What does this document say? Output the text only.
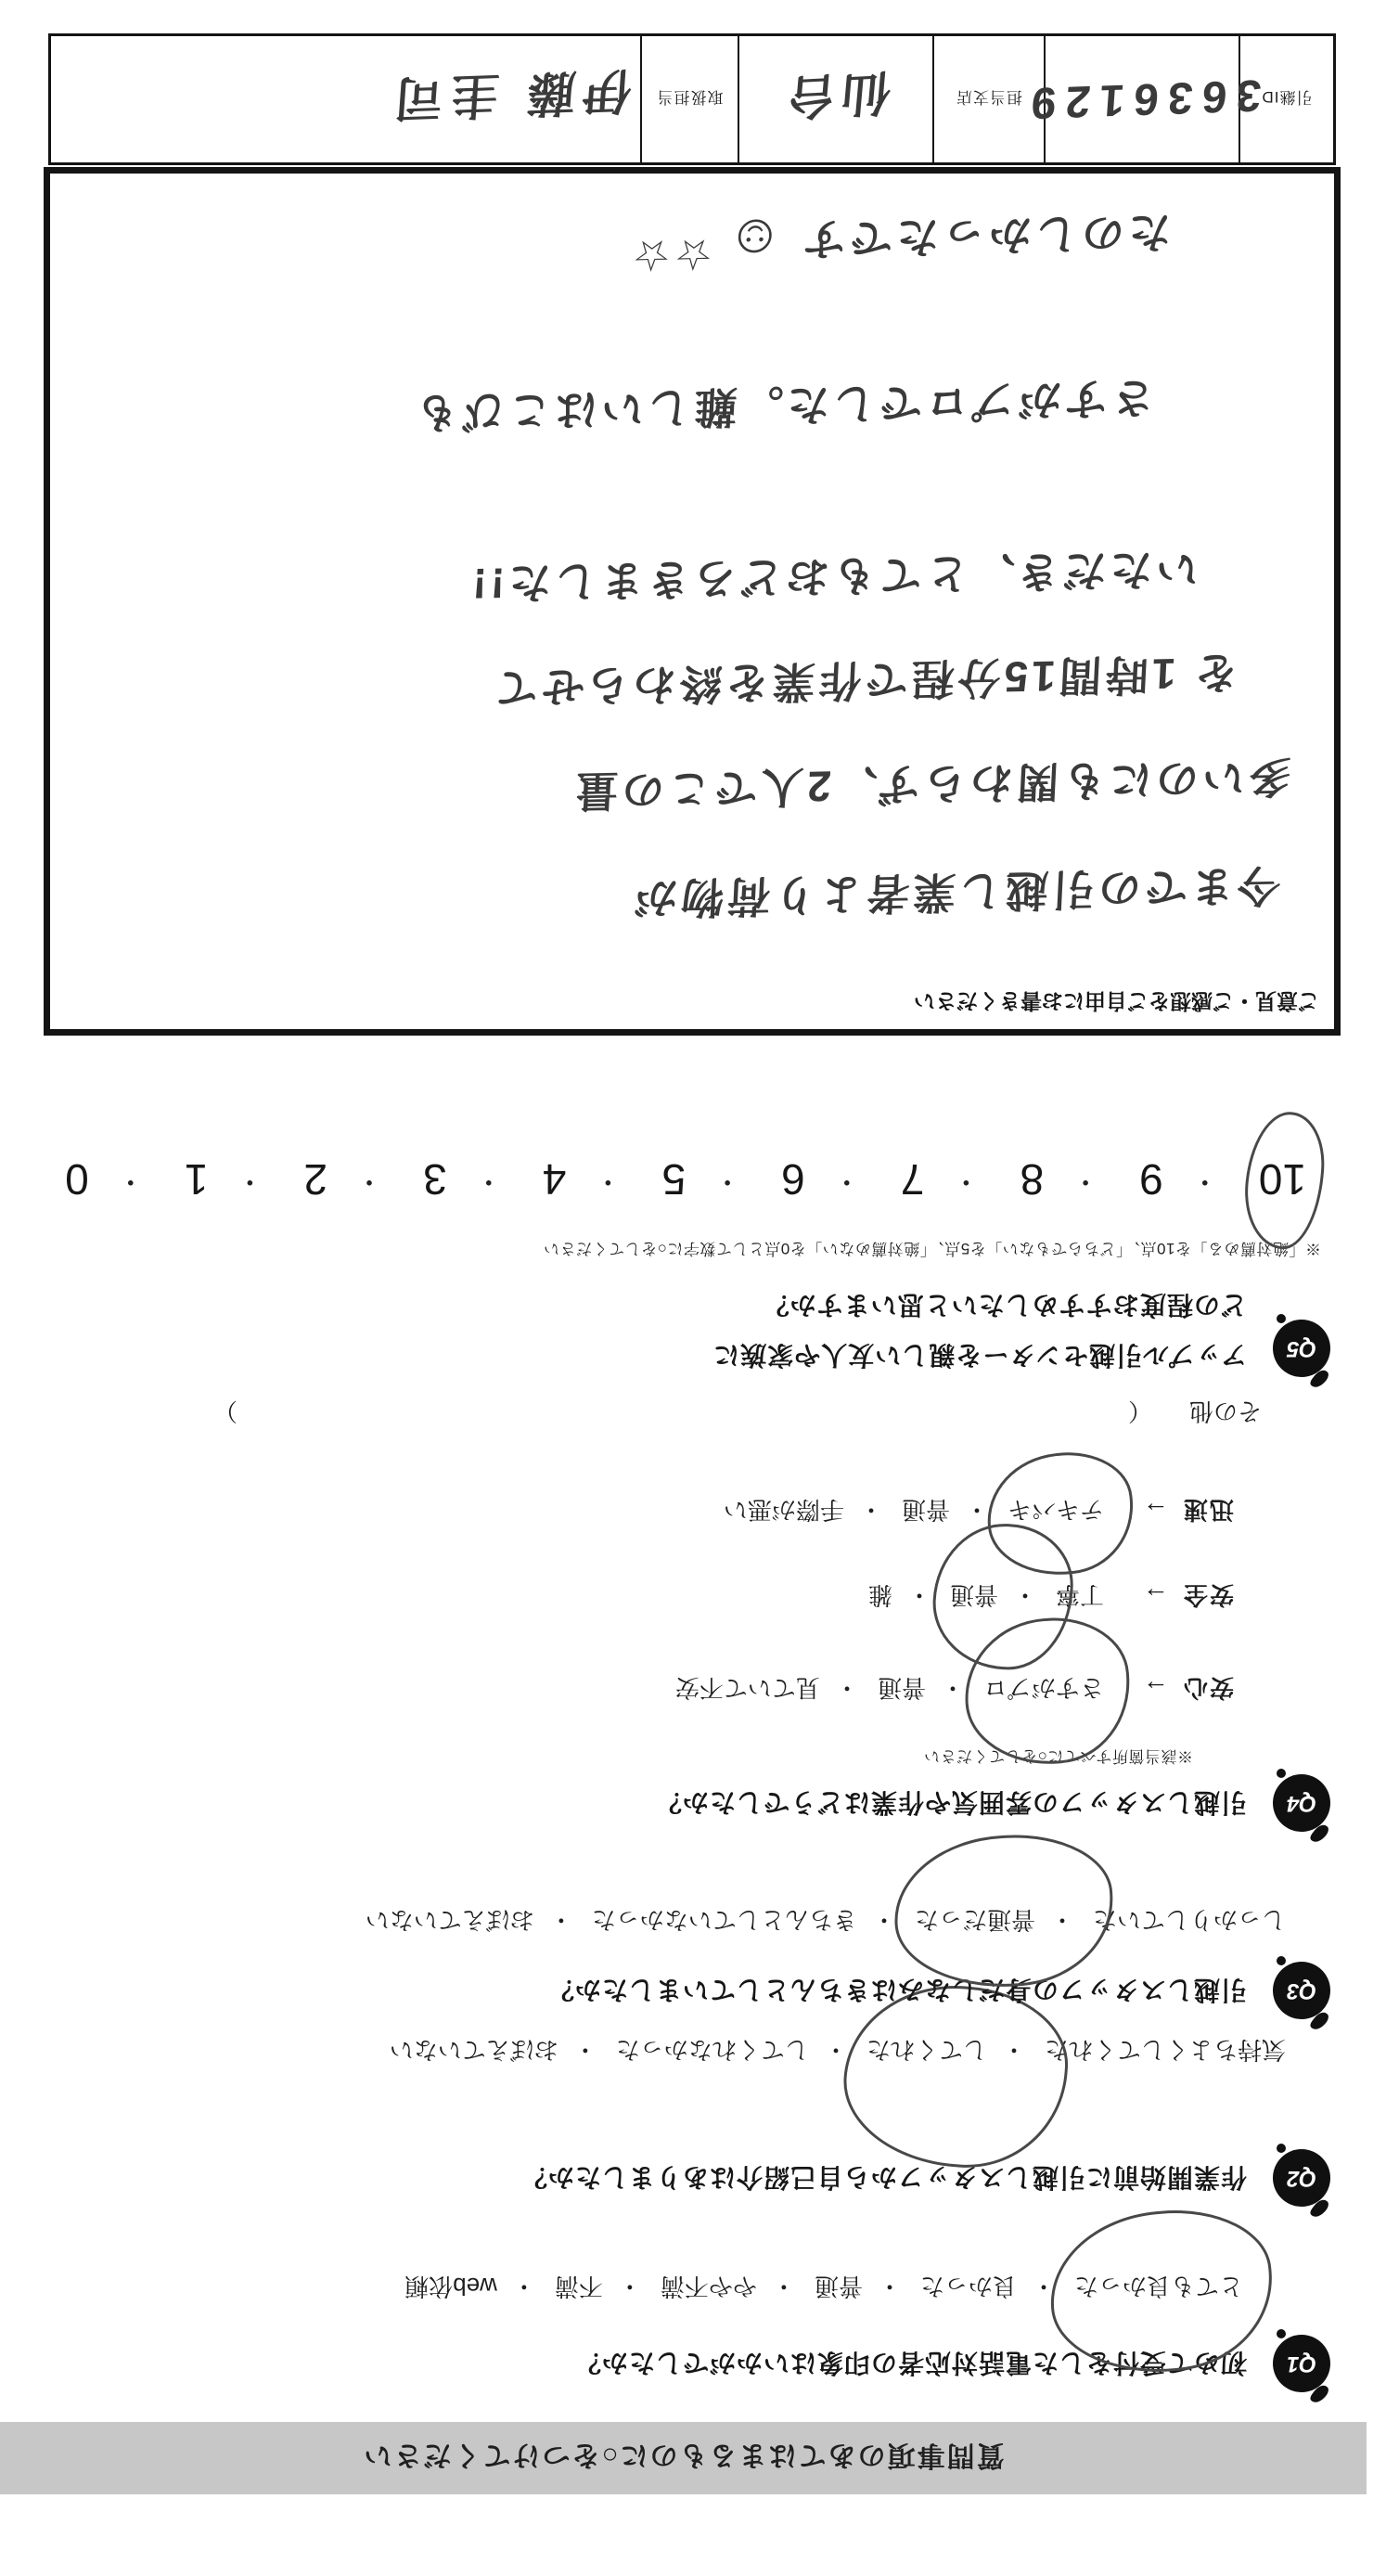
質問事項のあてはまるものに○をつけてください
Q1
初めて受付をした電話対応者の印象はいかがでしたか？
とても良かった
・ 良かった
・ 普通
・ やや不満
・ 不満
・ web依頼
Q2
作業開始前に引越しスタッフから自己紹介はありましたか？
気持ちよくしてくれた
・ してくれた
・ してくれなかった
・ おぼえていない
Q3
引越しスタッフの身だしなみはきちんとしていましたか？
しっかりしていた
・ 普通だった
・ きちんとしていなかった
・ おぼえていない
Q4
引越しスタッフの雰囲気や作業はどうでしたか？
※該当箇所すべてに○をしてください
安心
→
さすがプロ
・ 普通
・ 見ていて不安
安全
→
丁寧
・ 普通
・ 雑
迅速
→
テキパキ
・ 普通
・ 手際が悪い
その他
（
）
Q5
アップル引越センターを親しい友人や家族に
どの程度おすすめしたいと思いますか？
※「絶対薦める」を10点、「どちらでもない」を5点、「絶対薦めない」を0点として数字に○をしてください
10
・ 9
・ 8
・ 7
・ 6
・ 5
・ 4
・ 3
・ 2
・ 1
・ 0
ご意見・ご感想をご自由にお書きください
今までの引越し業者より荷物が
多いのにも関わらず、2人でこの量
を 1時間15分程で作業を終わらせて
いただき、とてもおどろきました!!
さすがプロでした。難しいはこびも
たのしかったです☺☆☆
引継ID
3636129
担当支店
仙台
取扱担当
伊藤 圭司
